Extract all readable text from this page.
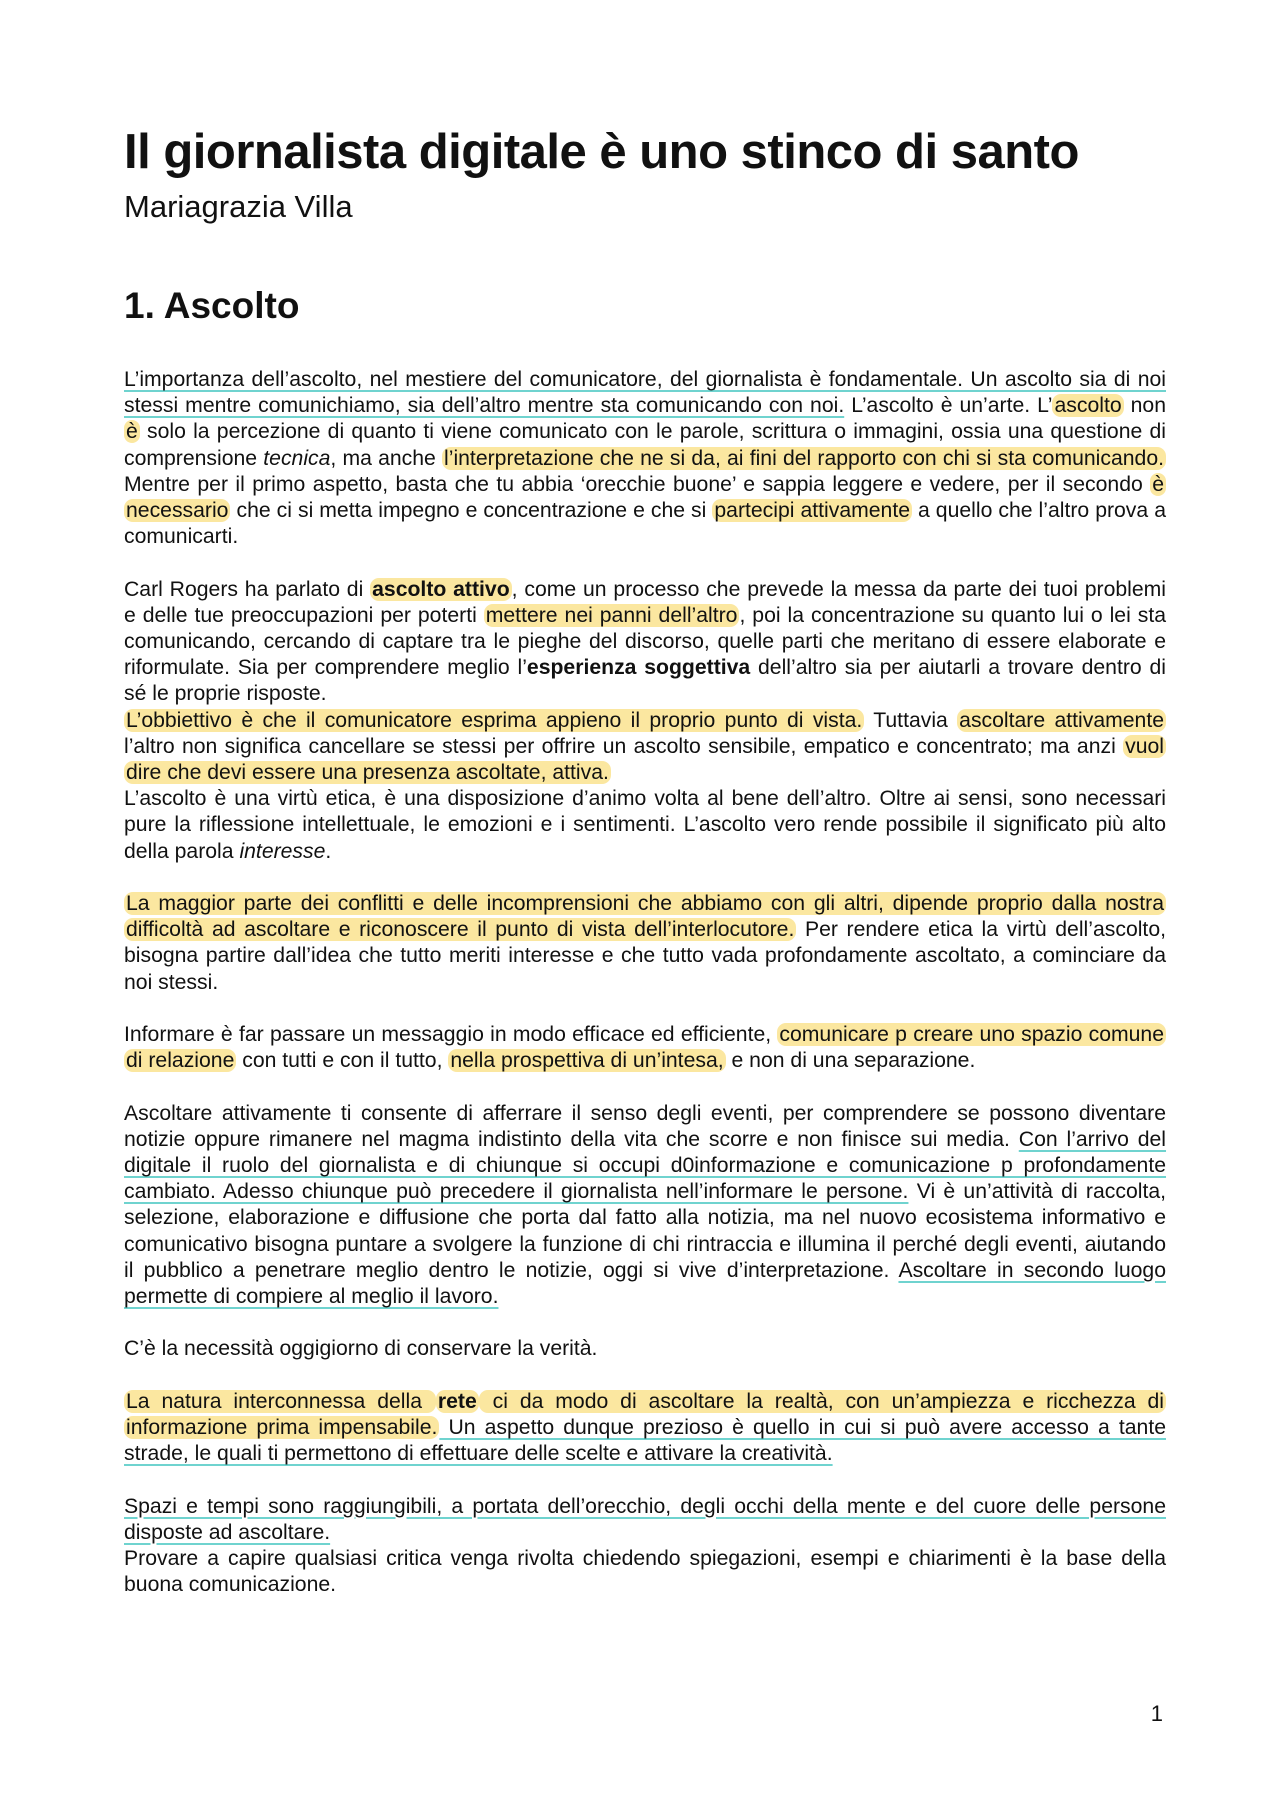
Il giornalista digitale è uno stinco di santo
Mariagrazia Villa
1. Ascolto

L’importanza dell’ascolto, nel mestiere del comunicatore, del giornalista è fondamentale. Un ascolto sia di noi stessi mentre comunichiamo, sia dell’altro mentre sta comunicando con noi. L’ascolto è un’arte. L’ascolto non è solo la percezione di quanto ti viene comunicato con le parole, scrittura o immagini, ossia una questione di comprensione tecnica, ma anche l’interpretazione che ne si da, ai fini del rapporto con chi si sta comunicando. Mentre per il primo aspetto, basta che tu abbia ‘orecchie buone’ e sappia leggere e vedere, per il secondo è necessario che ci si metta impegno e concentrazione e che si partecipi attivamente a quello che l’altro prova a comunicarti.

Carl Rogers ha parlato di ascolto attivo, come un processo che prevede la messa da parte dei tuoi problemi e delle tue preoccupazioni per poterti mettere nei panni dell’altro, poi la concentrazione su quanto lui o lei sta comunicando, cercando di captare tra le pieghe del discorso, quelle parti che meritano di essere elaborate e riformulate. Sia per comprendere meglio l’esperienza soggettiva dell’altro sia per aiutarli a trovare dentro di sé le proprie risposte.

L’obbiettivo è che il comunicatore esprima appieno il proprio punto di vista. Tuttavia ascoltare attivamente l’altro non significa cancellare se stessi per offrire un ascolto sensibile, empatico e concentrato; ma anzi vuol dire che devi essere una presenza ascoltate, attiva.

L’ascolto è una virtù etica, è una disposizione d’animo volta al bene dell’altro. Oltre ai sensi, sono necessari pure la riflessione intellettuale, le emozioni e i sentimenti. L’ascolto vero rende possibile il significato più alto della parola interesse.

La maggior parte dei conflitti e delle incomprensioni che abbiamo con gli altri, dipende proprio dalla nostra difficoltà ad ascoltare e riconoscere il punto di vista dell’interlocutore. Per rendere etica la virtù dell’ascolto, bisogna partire dall’idea che tutto meriti interesse e che tutto vada profondamente ascoltato, a cominciare da noi stessi.

Informare è far passare un messaggio in modo efficace ed efficiente, comunicare p creare uno spazio comune di relazione con tutti e con il tutto, nella prospettiva di un’intesa, e non di una separazione.

Ascoltare attivamente ti consente di afferrare il senso degli eventi, per comprendere se possono diventare notizie oppure rimanere nel magma indistinto della vita che scorre e non finisce sui media. Con l’arrivo del digitale il ruolo del giornalista e di chiunque si occupi d0informazione e comunicazione p profondamente cambiato. Adesso chiunque può precedere il giornalista nell’informare le persone. Vi è un’attività di raccolta, selezione, elaborazione e diffusione che porta dal fatto alla notizia, ma nel nuovo ecosistema informativo e comunicativo bisogna puntare a svolgere la funzione di chi rintraccia e illumina il perché degli eventi, aiutando il pubblico a penetrare meglio dentro le notizie, oggi si vive d’interpretazione. Ascoltare in secondo luogo permette di compiere al meglio il lavoro.

C’è la necessità oggigiorno di conservare la verità.

La natura interconnessa della rete ci da modo di ascoltare la realtà, con un’ampiezza e ricchezza di informazione prima impensabile. Un aspetto dunque prezioso è quello in cui si può avere accesso a tante strade, le quali ti permettono di effettuare delle scelte e attivare la creatività.

Spazi e tempi sono raggiungibili, a portata dell’orecchio, degli occhi della mente e del cuore delle persone disposte ad ascoltare.

Provare a capire qualsiasi critica venga rivolta chiedendo spiegazioni, esempi e chiarimenti è la base della buona comunicazione.

1
